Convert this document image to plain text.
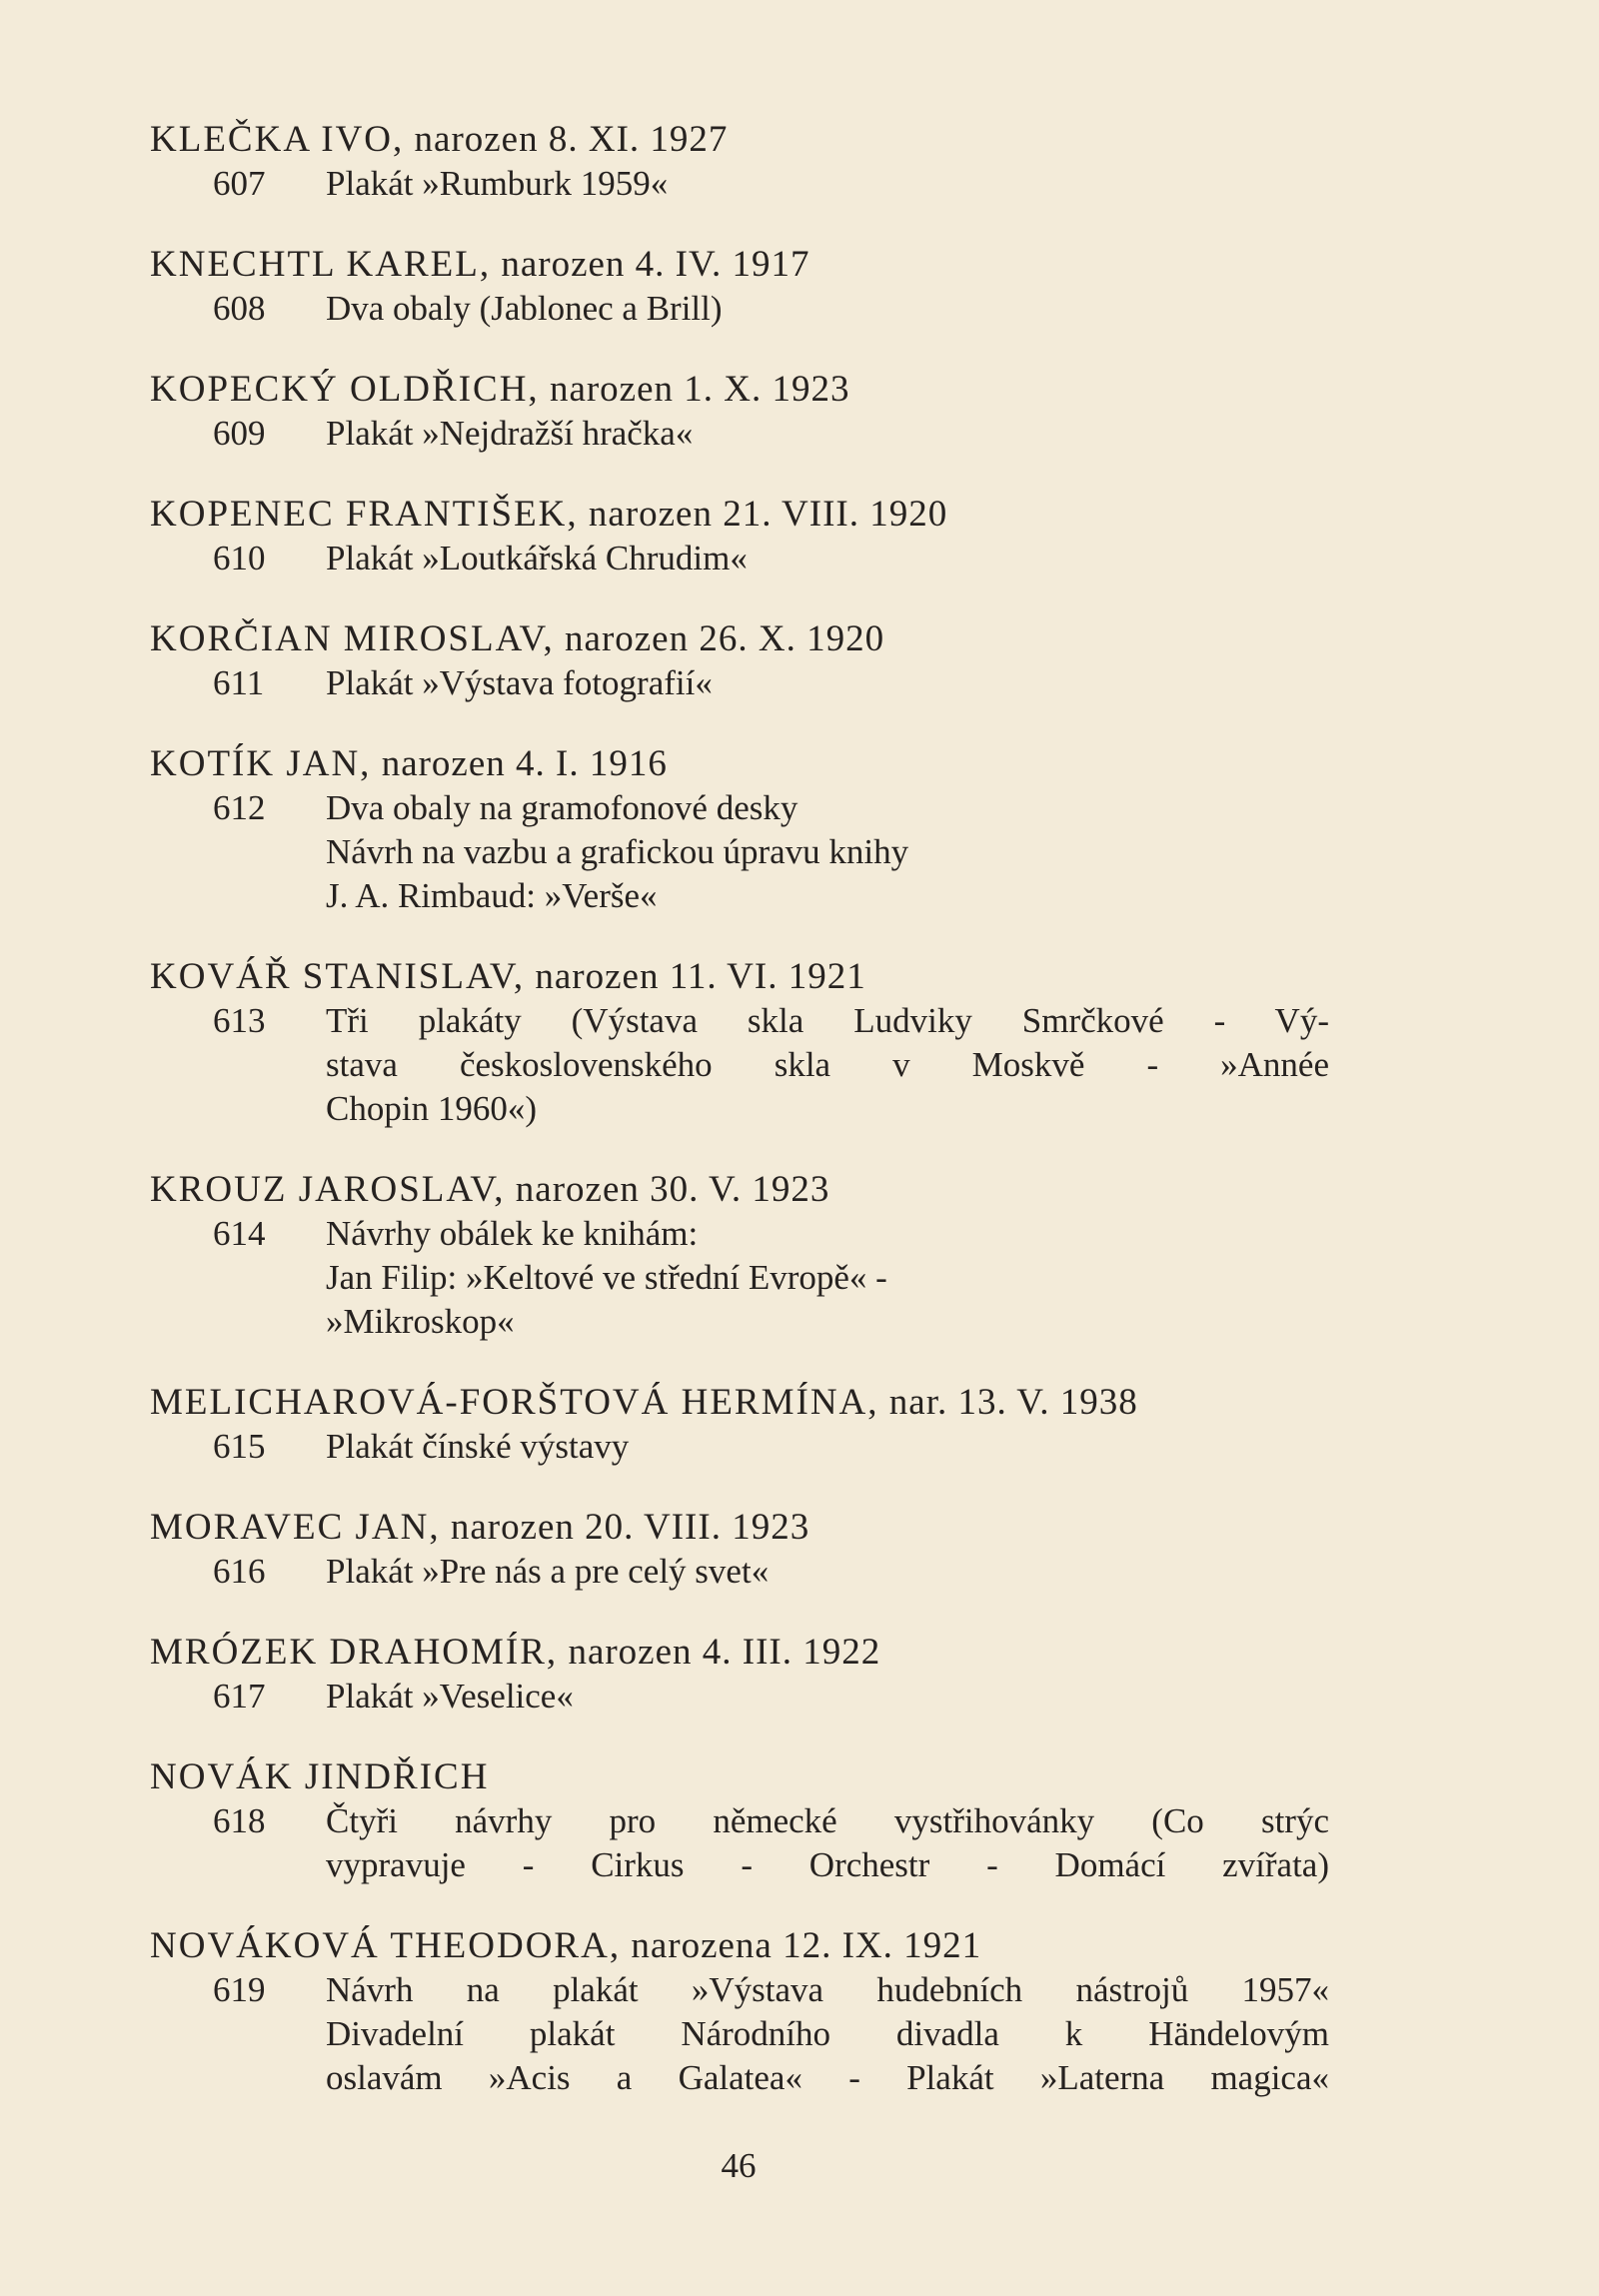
KLEČKA IVO, narozen 8. XI. 1927
607	Plakát »Rumburk 1959«
KNECHTL KAREL, narozen 4. IV. 1917
608	Dva obaly (Jablonec a Brill)
KOPECKÝ OLDŘICH, narozen 1. X. 1923
609	Plakát »Nejdražší hračka«
KOPENEC FRANTIŠEK, narozen 21. VIII. 1920
610	Plakát »Loutkářská Chrudim«
KORČIAN MIROSLAV, narozen 26. X. 1920
611	Plakát »Výstava fotografií«
KOTÍK JAN, narozen 4. I. 1916
612	Dva obaly na gramofonové desky
Návrh na vazbu a grafickou úpravu knihy
J. A. Rimbaud: »Verše«
KOVÁŘ STANISLAV, narozen 11. VI. 1921
613	Tři plakáty (Výstava skla Ludviky Smrčkové - Vý-
stava československého skla v Moskvě - »Année
Chopin 1960«)
KROUZ JAROSLAV, narozen 30. V. 1923
614	Návrhy obálek ke knihám:
Jan Filip: »Keltové ve střední Evropě« -
»Mikroskop«
MELICHAROVÁ-FORŠTOVÁ HERMÍNA, nar. 13. V. 1938
615	Plakát čínské výstavy
MORAVEC JAN, narozen 20. VIII. 1923
616	Plakát »Pre nás a pre celý svet«
MRÓZEK DRAHOMÍR, narozen 4. III. 1922
617	Plakát »Veselice«
NOVÁK JINDŘICH
618	Čtyři návrhy pro německé vystřihovánky (Co strýc
vypravuje - Cirkus - Orchestr - Domácí zvířata)
NOVÁKOVÁ THEODORA, narozena 12. IX. 1921
619	Návrh na plakát »Výstava hudebních nástrojů 1957«
Divadelní plakát Národního divadla k Händelovým
oslavám »Acis a Galatea« - Plakát »Laterna magica«
46
